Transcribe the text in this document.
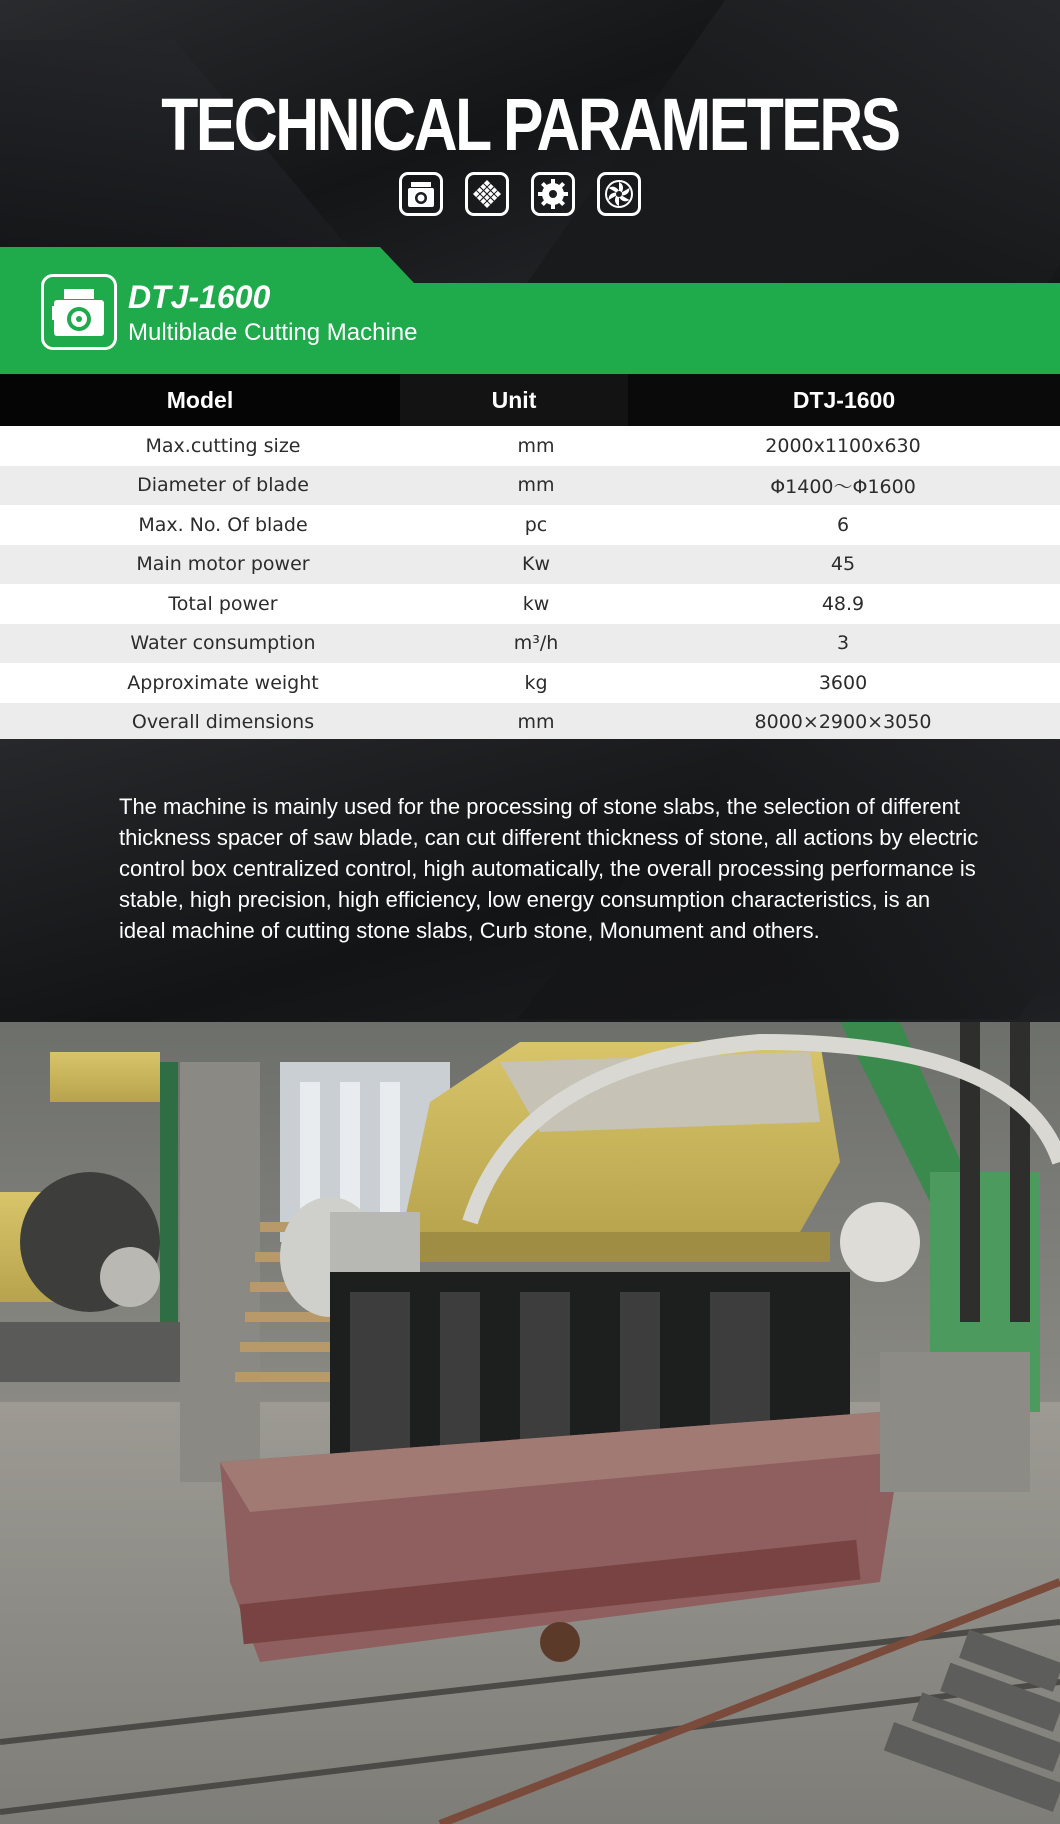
TECHNICAL PARAMETERS
DTJ-1600
Multiblade Cutting Machine
Model	Unit	DTJ-1600
Max.cutting size	mm	2000x1100x630
Diameter of blade	mm	Φ1400～Φ1600
Max. No. Of blade	pc	6
Main motor power	Kw	45
Total power	kw	48.9
Water consumption	m³/h	3
Approximate weight	kg	3600
Overall dimensions	mm	8000×2900×3050
The machine is mainly used for the processing of stone slabs, the selection of different thickness spacer of saw blade, can cut different thickness of stone, all actions by electric control box centralized control, high automatically, the overall processing performance is stable, high precision, high efficiency, low energy consumption characteristics, is an ideal machine of cutting stone slabs, Curb stone, Monument and others.
